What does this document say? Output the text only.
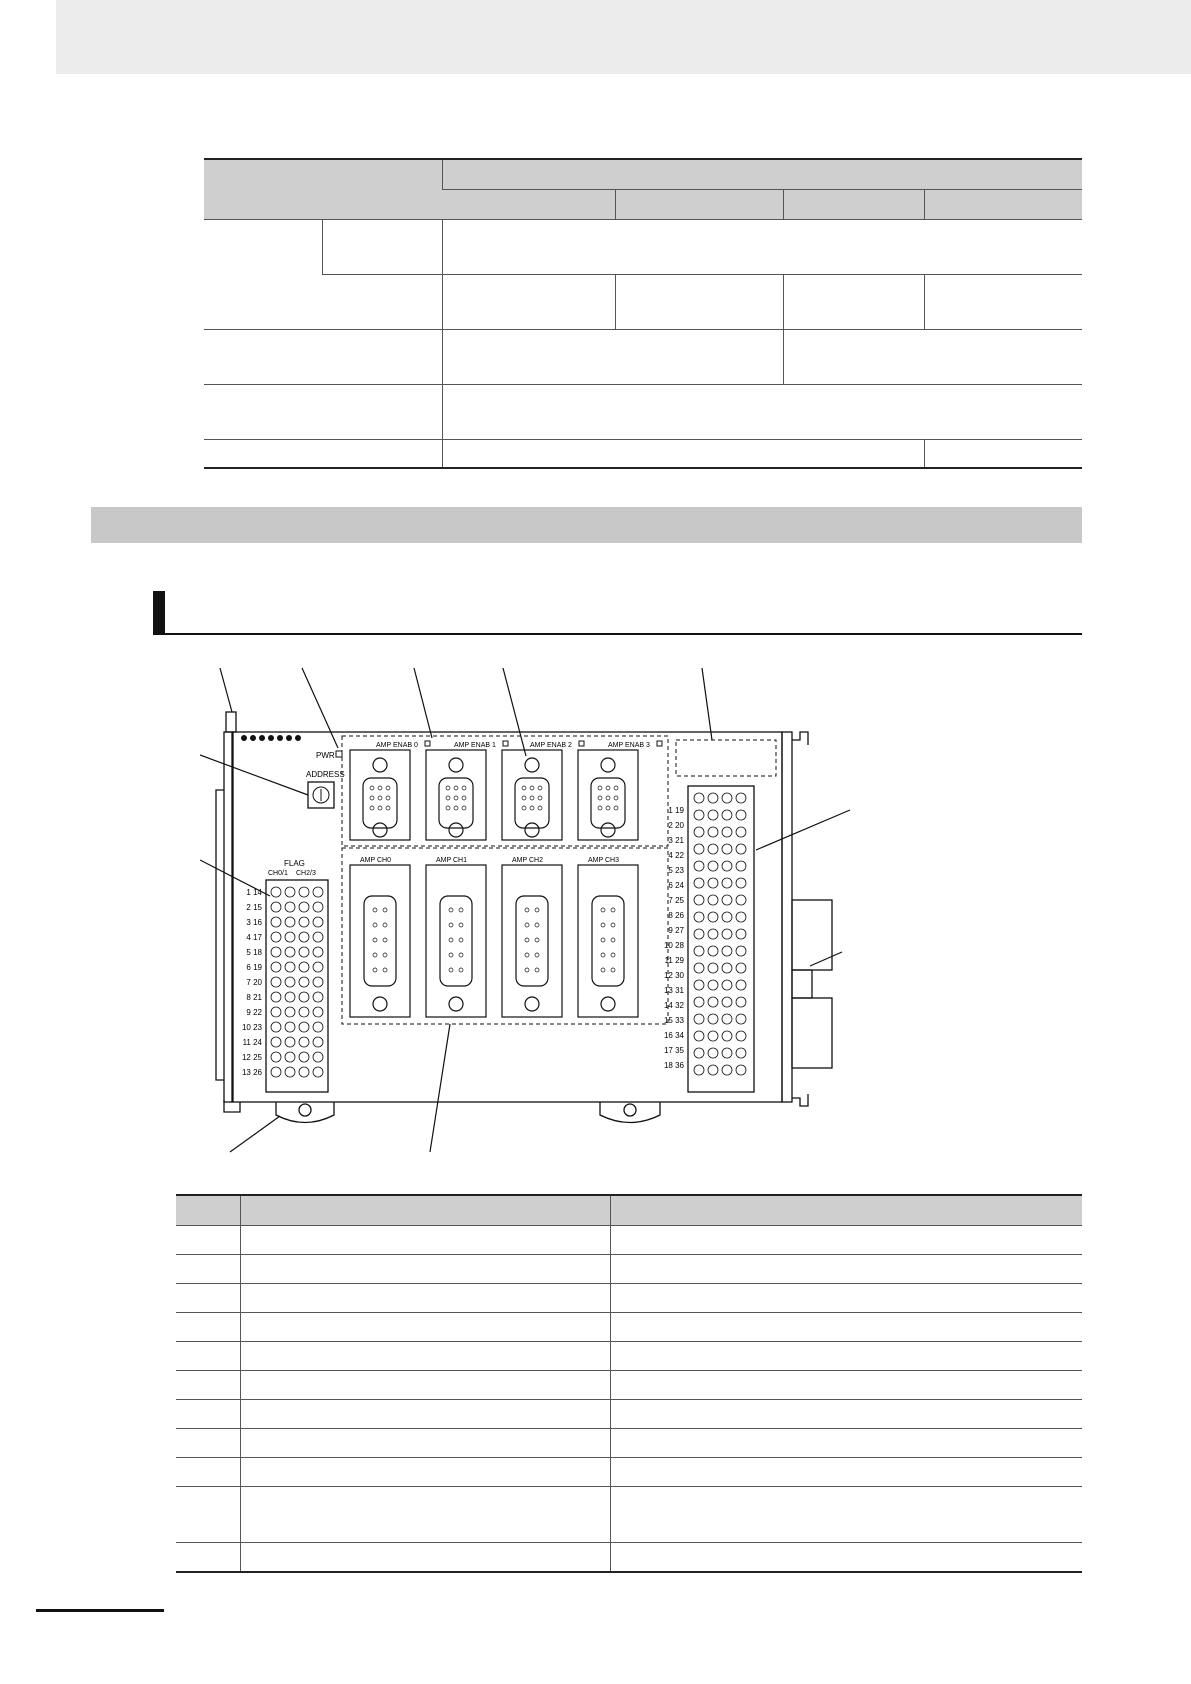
PWR
ADDRESS
FLAG
CH0/1 CH2/3
1 14
2 15
3 16
4 17
5 18
6 19
7 20
8 21
9 22
10 23
11 24
12 25
13 26
AMP ENAB 0	AMP ENAB 1	AMP ENAB 2	AMP ENAB 3
AMP CH0	AMP CH1	AMP CH2	AMP CH3
1 19
2 20
3 21
4 22
5 23
6 24
7 25
8 26
9 27
10 28
11 29
12 30
13 31
14 32
15 33
16 34
17 35
18 36
